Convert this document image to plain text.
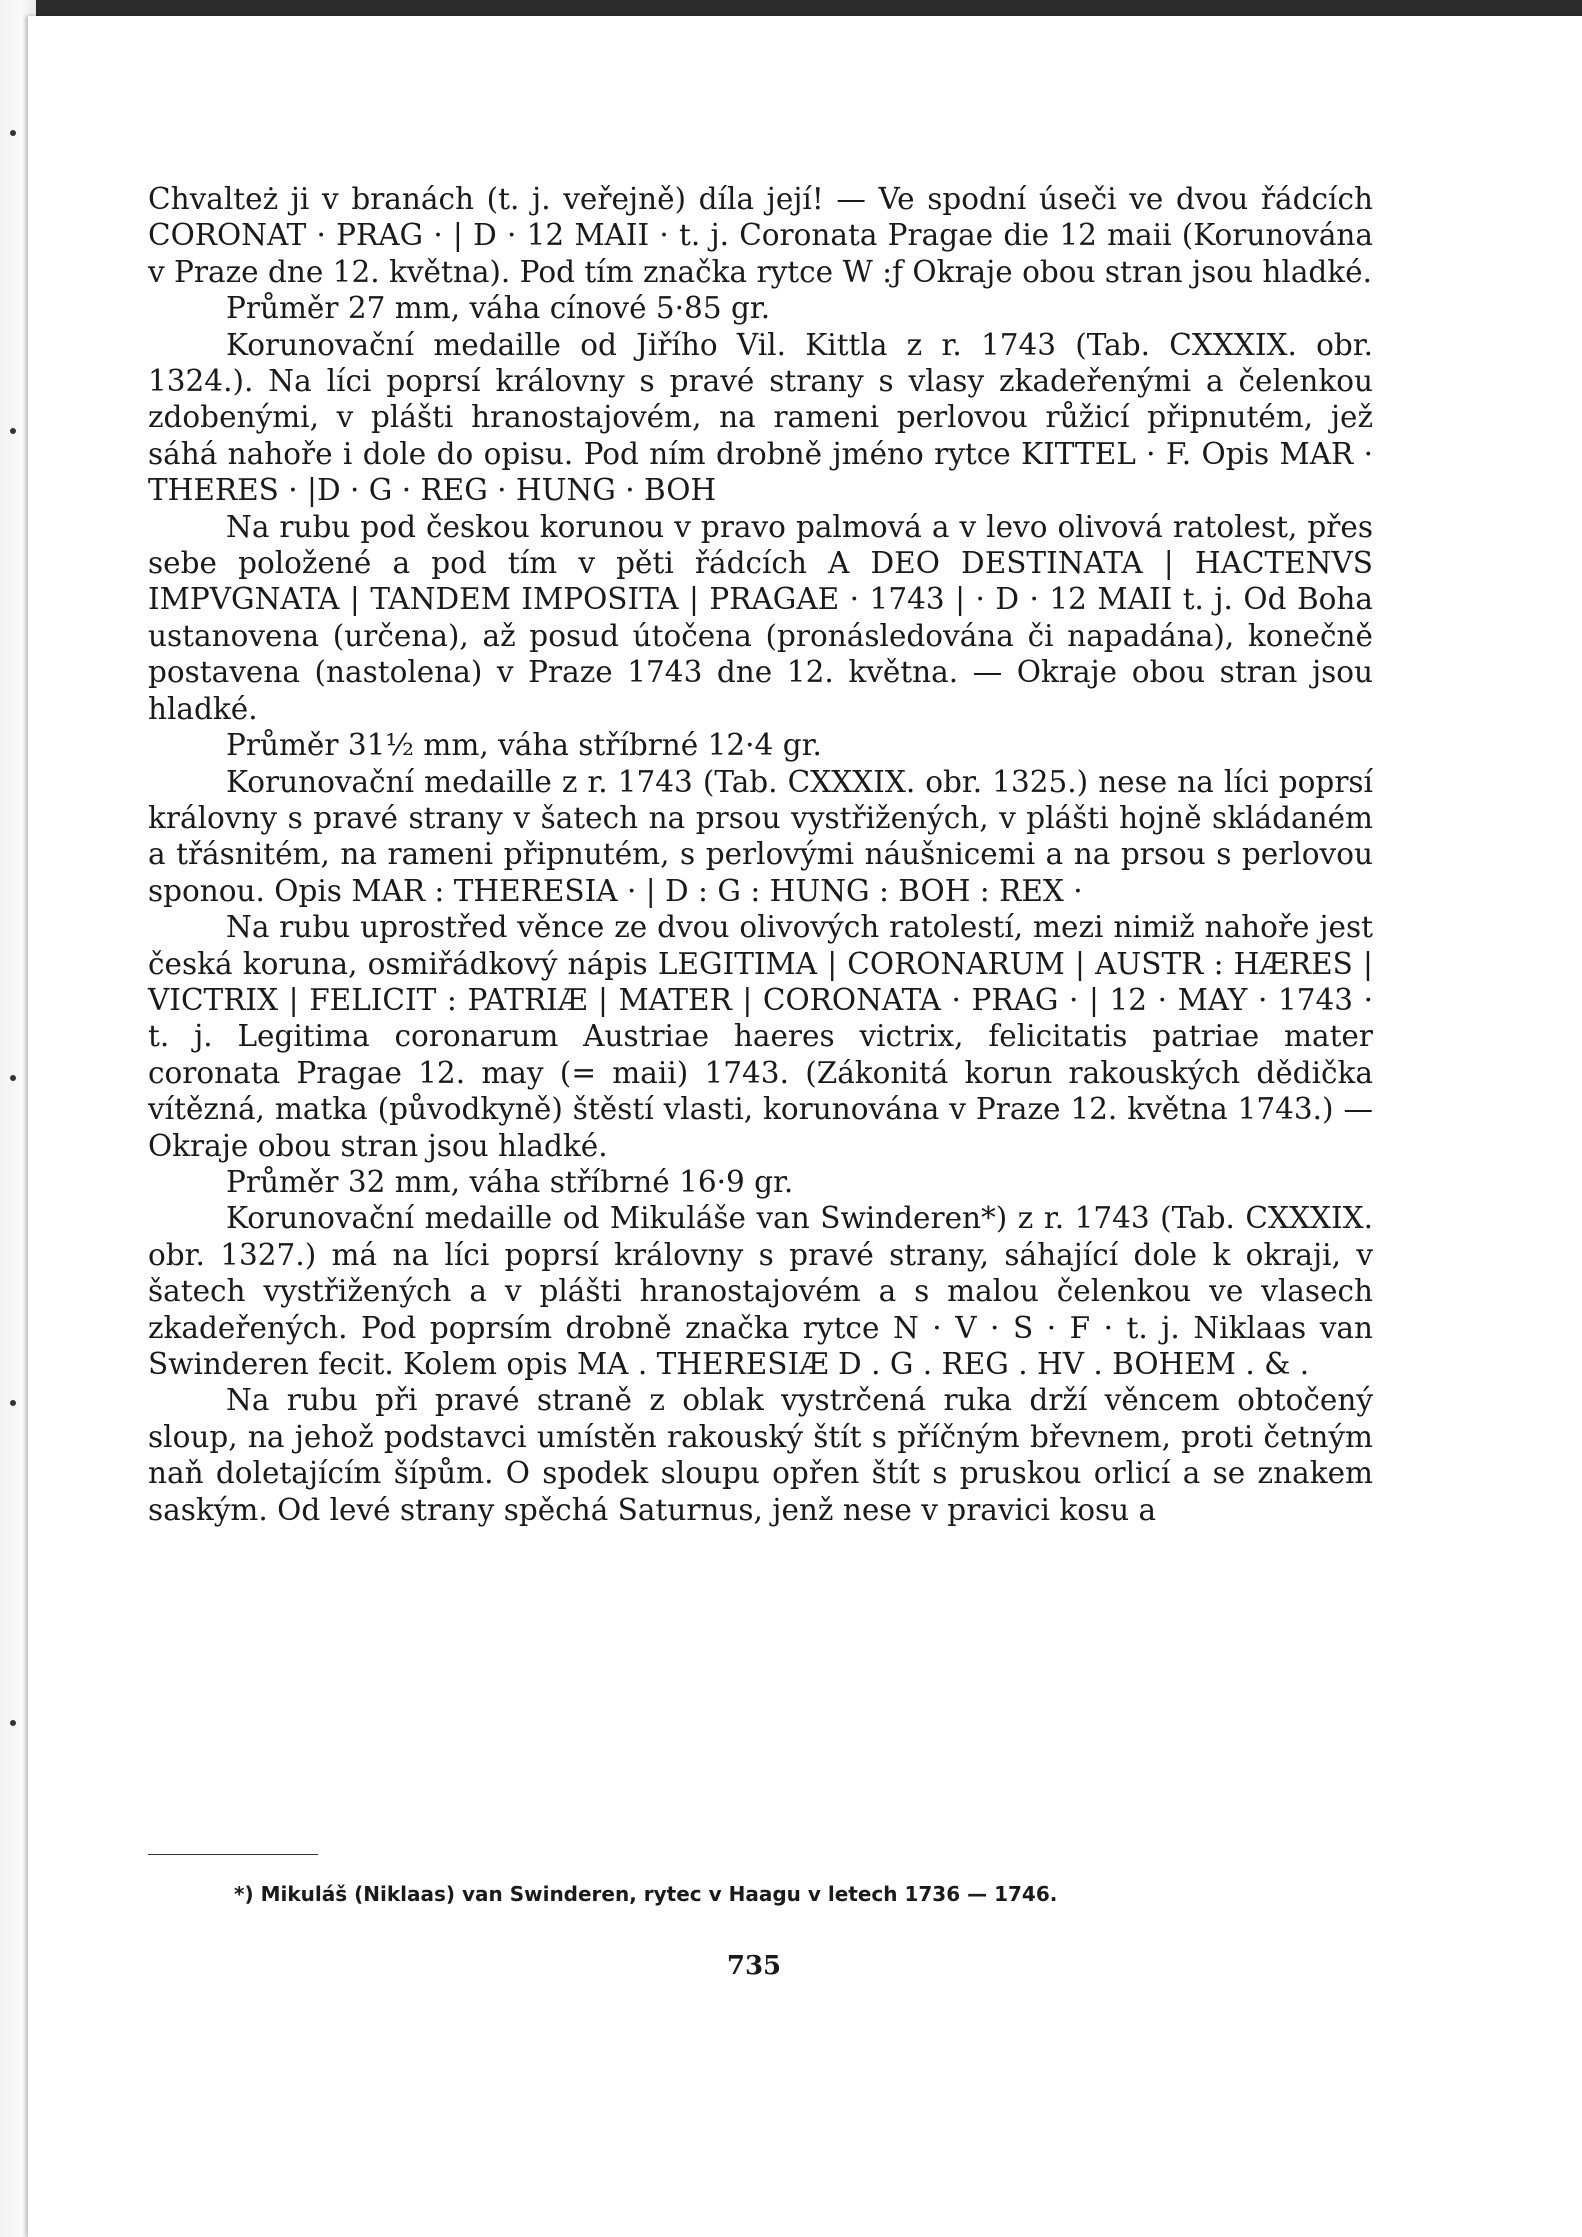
Chvalteż ji v branách (t. j. veřejně) díla její! — Ve spodní úseči ve dvou řádcích CORONAT · PRAG · | D · 12 MAII · t. j. Coronata Pragae die 12 maii (Korunována v Praze dne 12. května). Pod tím značka rytce W :ƒ Okraje obou stran jsou hladké.

Průměr 27 mm, váha cínové 5·85 gr.

Korunovační medaille od Jiřího Vil. Kittla z r. 1743 (Tab. CXXXIX. obr. 1324.). Na líci poprsí královny s pravé strany s vlasy zkadeřenými a čelenkou zdobenými, v plášti hranostajovém, na rameni perlovou růžicí připnutém, jež sáhá nahoře i dole do opisu. Pod ním drobně jméno rytce KITTEL · F. Opis MAR · THERES · |D · G · REG · HUNG · BOH

Na rubu pod českou korunou v pravo palmová a v levo olivová ratolest, přes sebe položené a pod tím v pěti řádcích A DEO DESTINATA | HACTENVS IMPVGNATA | TANDEM IMPOSITA | PRAGAE · 1743 | · D · 12 MAII t. j. Od Boha ustanovena (určena), až posud útočena (pronásledována či napadána), konečně postavena (nastolena) v Praze 1743 dne 12. května. — Okraje obou stran jsou hladké.

Průměr 31½ mm, váha stříbrné 12·4 gr.

Korunovační medaille z r. 1743 (Tab. CXXXIX. obr. 1325.) nese na líci poprsí královny s pravé strany v šatech na prsou vystřižených, v plášti hojně skládaném a třásnitém, na rameni připnutém, s perlovými náušnicemi a na prsou s perlovou sponou. Opis MAR : THERESIA · | D : G : HUNG : BOH : REX ·

Na rubu uprostřed věnce ze dvou olivových ratolestí, mezi nimiž nahoře jest česká koruna, osmiřádkový nápis LEGITIMA | CORONARUM | AUSTR : HÆRES | VICTRIX | FELICIT : PATRIÆ | MATER | CORONATA · PRAG · | 12 · MAY · 1743 · t. j. Legitima coronarum Austriae haeres victrix, felicitatis patriae mater coronata Pragae 12. may (= maii) 1743. (Zákonitá korun rakouských dědička vítězná, matka (původkyně) štěstí vlasti, korunována v Praze 12. května 1743.) — Okraje obou stran jsou hladké.

Průměr 32 mm, váha stříbrné 16·9 gr.

Korunovační medaille od Mikuláše van Swinderen*) z r. 1743 (Tab. CXXXIX. obr. 1327.) má na líci poprsí královny s pravé strany, sáhající dole k okraji, v šatech vystřižených a v plášti hranostajovém a s malou čelenkou ve vlasech zkadeřených. Pod poprsím drobně značka rytce N · V · S · F · t. j. Niklaas van Swinderen fecit. Kolem opis MA . THERESIÆ D . G . REG . HV . BOHEM . & .

Na rubu při pravé straně z oblak vystrčená ruka drží věncem obtočený sloup, na jehož podstavci umístěn rakouský štít s příčným břevnem, proti četným naň doletajícím šípům. O spodek sloupu opřen štít s pruskou orlicí a se znakem saským. Od levé strany spěchá Saturnus, jenž nese v pravici kosu a

*) Mikuláš (Niklaas) van Swinderen, rytec v Haagu v letech 1736 — 1746.
735
